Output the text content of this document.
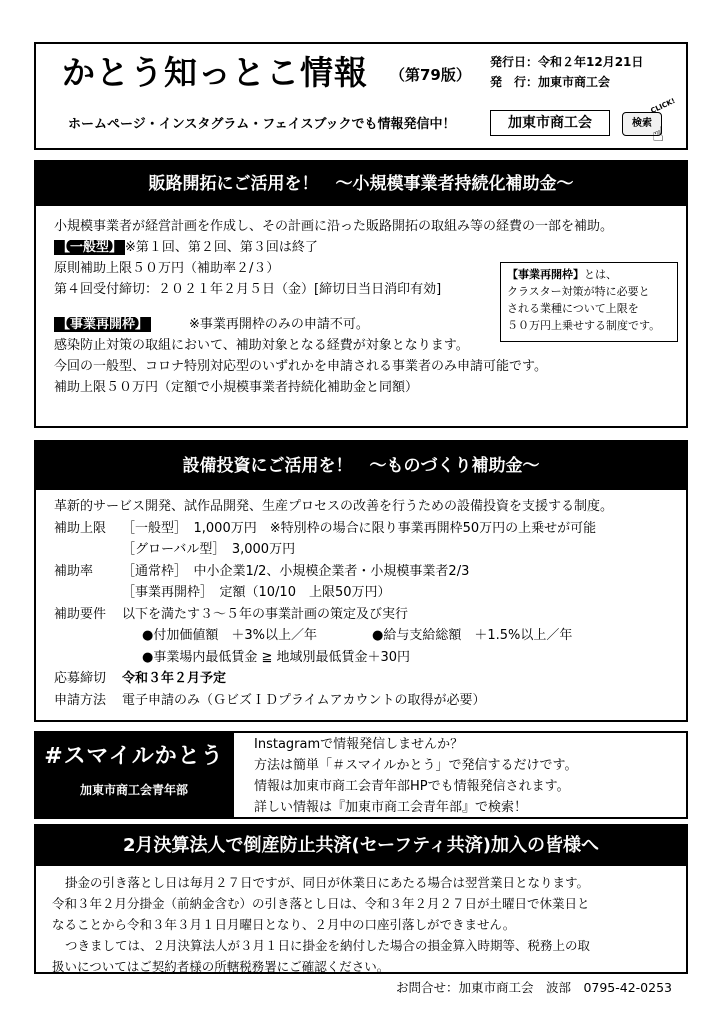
かとう知っとこ情報 （第79版）
発行日：令和２年12月21日
発　行：加東市商工会
ホームページ・インスタグラム・フェイスブックでも情報発信中！	加東市商工会	検索
CLICK!
☝
販路開拓にご活用を！　～小規模事業者持続化補助金～
小規模事業者が経営計画を作成し、その計画に沿った販路開拓の取組み等の経費の一部を補助。
【一般型】 ※第１回、第２回、第３回は終了
原則補助上限５０万円（補助率２/３）
第４回受付締切：２０２１年２月５日（金）[締切日当日消印有効]
【事業再開枠】	※事業再開枠のみの申請不可。
感染防止対策の取組において、補助対象となる経費が対象となります。
今回の一般型、コロナ特別対応型のいずれかを申請される事業者のみ申請可能です。
補助上限５０万円（定額で小規模事業者持続化補助金と同額）
【事業再開枠】とは、
クラスター対策が特に必要と
される業種について上限を
５０万円上乗せする制度です。
設備投資にご活用を！　～ものづくり補助金～
革新的サービス開発、試作品開発、生産プロセスの改善を行うための設備投資を支援する制度。
補助上限	［一般型］　1,000万円　※特別枠の場合に限り事業再開枠50万円の上乗せが可能
［グローバル型］　3,000万円
補助率	［通常枠］　中小企業1/2、小規模企業者・小規模事業者2/3
［事業再開枠］　定額（10/10　上限50万円）
補助要件	以下を満たす３～５年の事業計画の策定及び実行
●付加価値額　＋3%以上／年	●給与支給総額　＋1.5%以上／年
●事業場内最低賃金 ≧ 地域別最低賃金＋30円
応募締切	令和３年２月予定
申請方法	電子申請のみ（ＧビズＩＤプライムアカウントの取得が必要）
#スマイルかとう
加東市商工会青年部
Instagramで情報発信しませんか？
方法は簡単「＃スマイルかとう」で発信するだけです。
情報は加東市商工会青年部HPでも情報発信されます。
詳しい情報は『加東市商工会青年部』で検索！
2月決算法人で倒産防止共済(セーフティ共済)加入の皆様へ

掛金の引き落とし日は毎月２７日ですが、同日が休業日にあたる場合は翌営業日となります。

令和３年２月分掛金（前納金含む）の引き落とし日は、令和３年２月２７日が土曜日で休業日と

なることから令和３年３月１日月曜日となり、２月中の口座引落しができません。

つきましては、２月決算法人が３月１日に掛金を納付した場合の損金算入時期等、税務上の取

扱いについてはご契約者様の所轄税務署にご確認ください。

お問合せ：加東市商工会　波部　0795-42-0253
